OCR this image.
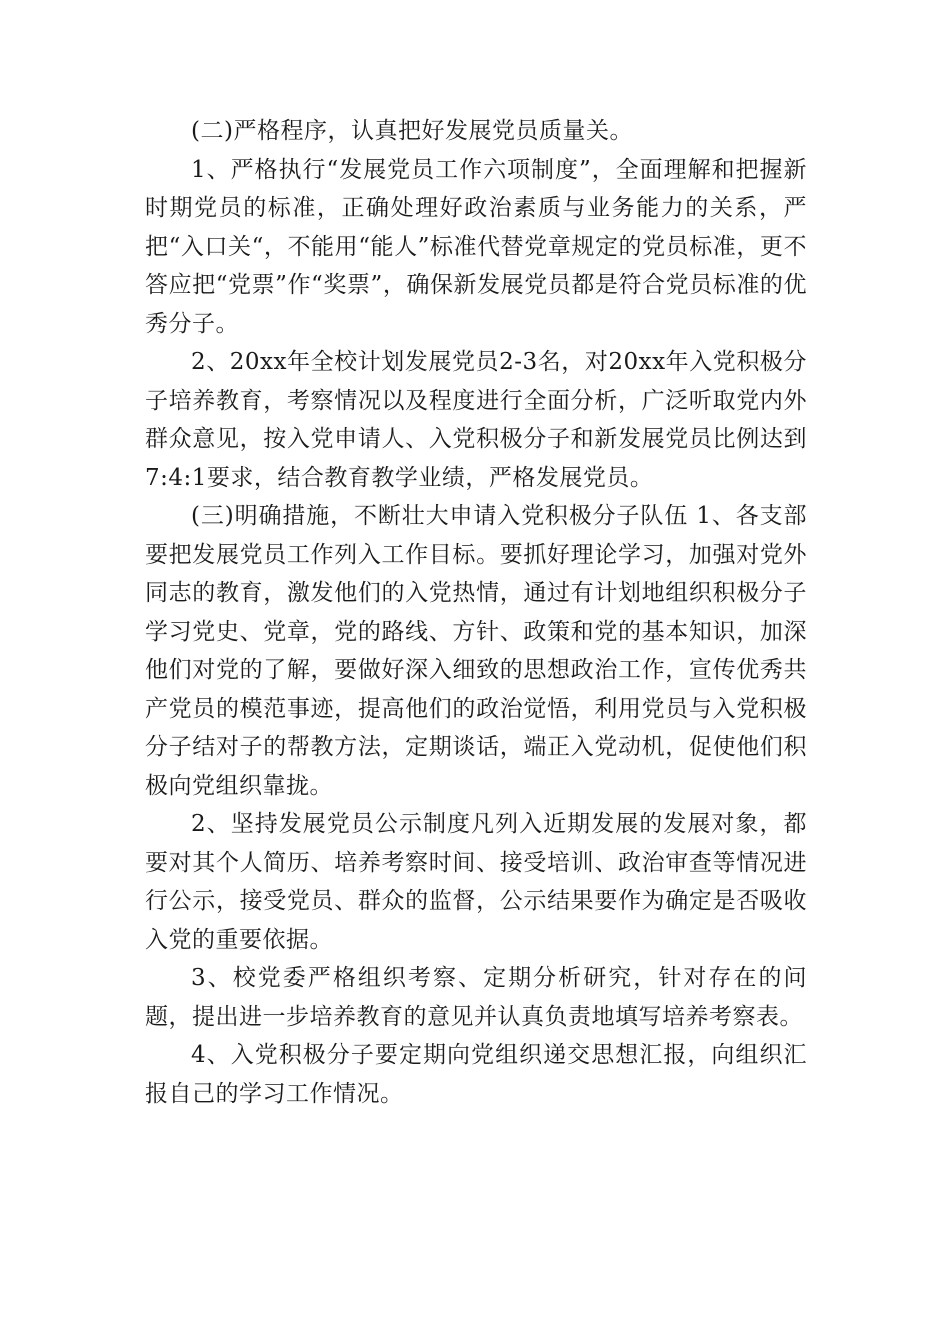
(二)严格程序，认真把好发展党员质量关。

1、严格执行“发展党员工作六项制度”，全面理解和把握新时期党员的标准，正确处理好政治素质与业务能力的关系，严把“入口关“，不能用“能人”标准代替党章规定的党员标准，更不答应把“党票”作“奖票”，确保新发展党员都是符合党员标准的优秀分子。

2、20xx年全校计划发展党员2-3名，对20xx年入党积极分子培养教育，考察情况以及程度进行全面分析，广泛听取党内外群众意见，按入党申请人、入党积极分子和新发展党员比例达到7:4:1要求，结合教育教学业绩，严格发展党员。

(三)明确措施，不断壮大申请入党积极分子队伍 1、各支部要把发展党员工作列入工作目标。要抓好理论学习，加强对党外同志的教育，激发他们的入党热情，通过有计划地组织积极分子学习党史、党章，党的路线、方针、政策和党的基本知识，加深他们对党的了解，要做好深入细致的思想政治工作，宣传优秀共产党员的模范事迹，提高他们的政治觉悟，利用党员与入党积极分子结对子的帮教方法，定期谈话，端正入党动机，促使他们积极向党组织靠拢。

2、坚持发展党员公示制度凡列入近期发展的发展对象，都要对其个人简历、培养考察时间、接受培训、政治审查等情况进行公示，接受党员、群众的监督，公示结果要作为确定是否吸收入党的重要依据。

3、校党委严格组织考察、定期分析研究，针对存在的问题，提出进一步培养教育的意见并认真负责地填写培养考察表。

4、入党积极分子要定期向党组织递交思想汇报，向组织汇报自己的学习工作情况。
